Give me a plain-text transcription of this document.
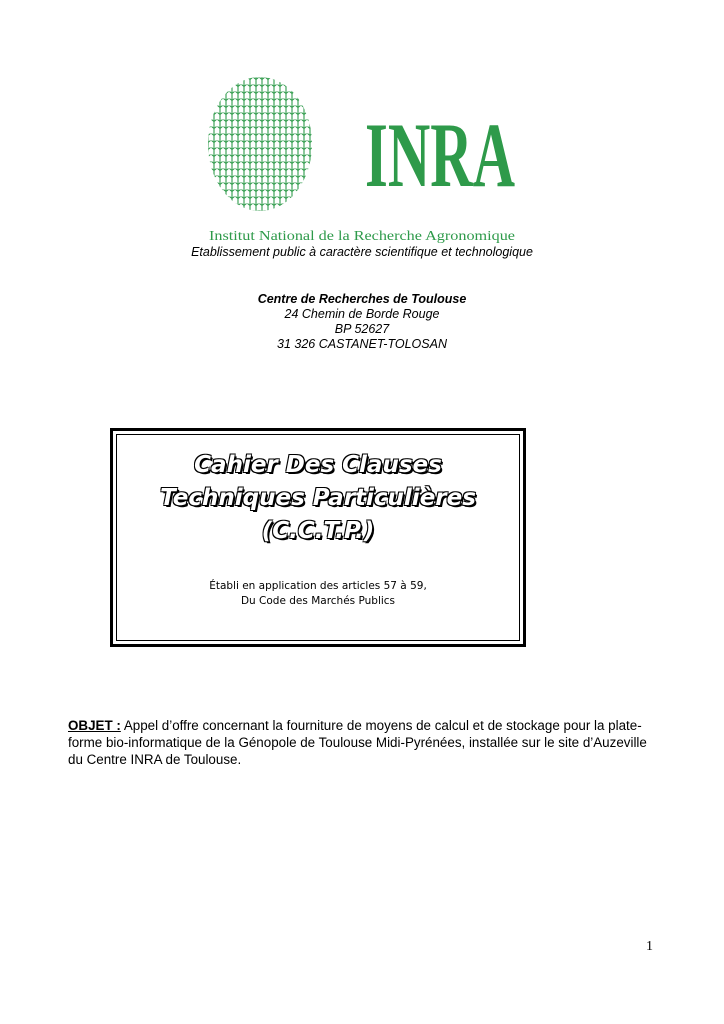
INRA
Institut National de la Recherche Agronomique
Etablissement public à caractère scientifique et technologique
Centre de Recherches de Toulouse
24 Chemin de Borde Rouge
BP 52627
31 326 CASTANET-TOLOSAN
Cahier Des Clauses
Techniques Particulières
(C.C.T.P.)
Établi en application des articles 57 à 59,
Du Code des Marchés Publics
OBJET : Appel d’offre concernant la fourniture de moyens de calcul et de stockage pour la plate-forme bio-informatique de la Génopole de Toulouse Midi-Pyrénées, installée sur le site d’Auzeville du Centre INRA de Toulouse.
1
